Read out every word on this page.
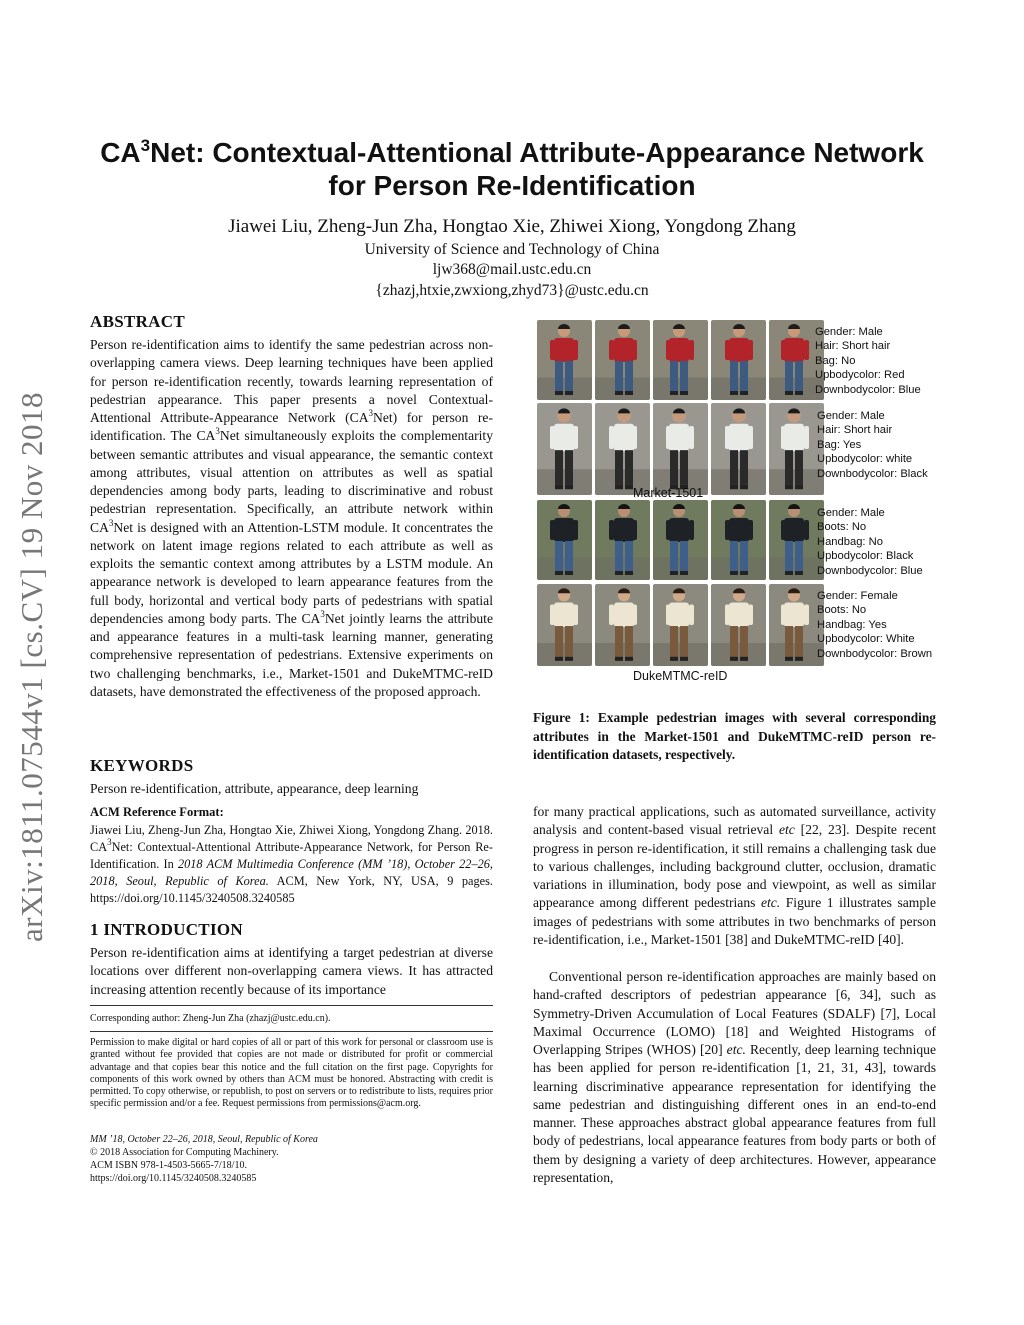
arXiv:1811.07544v1 [cs.CV] 19 Nov 2018
$CA^3Net$: Contextual-Attentional Attribute-Appearance Network
for Person Re-Identification
Jiawei Liu, Zheng-Jun Zha, Hongtao Xie, Zhiwei Xiong, Yongdong Zhang
University of Science and Technology of China
ljw368@mail.ustc.edu.cn
{zhazj,htxie,zwxiong,zhyd73}@ustc.edu.cn
ABSTRACT
Person re-identification aims to identify the same pedestrian across non-overlapping camera views. Deep learning techniques have been applied for person re-identification recently, towards learning representation of pedestrian appearance. This paper presents a novel Contextual-Attentional Attribute-Appearance Network $(CA^3Net)$ for person re-identification. The $CA^3Net$ simultaneously exploits the complementarity between semantic attributes and visual appearance, the semantic context among attributes, visual attention on attributes as well as spatial dependencies among body parts, leading to discriminative and robust pedestrian representation. Specifically, an attribute network within $CA^3Net$ is designed with an Attention-LSTM module. It concentrates the network on latent image regions related to each attribute as well as exploits the semantic context among attributes by a LSTM module. An appearance network is developed to learn appearance features from the full body, horizontal and vertical body parts of pedestrians with spatial dependencies among body parts. The $CA^3Net$ jointly learns the attribute and appearance features in a multi-task learning manner, generating comprehensive representation of pedestrians. Extensive experiments on two challenging benchmarks, i.e., Market-1501 and DukeMTMC-reID datasets, have demonstrated the effectiveness of the proposed approach.
KEYWORDS
Person re-identification, attribute, appearance, deep learning
ACM Reference Format:
Jiawei Liu, Zheng-Jun Zha, Hongtao Xie, Zhiwei Xiong, Yongdong Zhang. 2018. $CA^3Net$: Contextual-Attentional Attribute-Appearance Network, for Person Re-Identification. In 2018 ACM Multimedia Conference (MM ’18), October 22–26, 2018, Seoul, Republic of Korea. ACM, New York, NY, USA, 9 pages. https://doi.org/10.1145/3240508.3240585
1 INTRODUCTION
Person re-identification aims at identifying a target pedestrian at diverse locations over different non-overlapping camera views. It has attracted increasing attention recently because of its importance
Corresponding author: Zheng-Jun Zha (zhazj@ustc.edu.cn).
Permission to make digital or hard copies of all or part of this work for personal or classroom use is granted without fee provided that copies are not made or distributed for profit or commercial advantage and that copies bear this notice and the full citation on the first page. Copyrights for components of this work owned by others than ACM must be honored. Abstracting with credit is permitted. To copy otherwise, or republish, to post on servers or to redistribute to lists, requires prior specific permission and/or a fee. Request permissions from permissions@acm.org.
MM ’18, October 22–26, 2018, Seoul, Republic of Korea
© 2018 Association for Computing Machinery.
ACM ISBN 978-1-4503-5665-7/18/10.
https://doi.org/10.1145/3240508.3240585
Gender: Male
Hair: Short hair
Bag: No
Upbodycolor: Red
Downbodycolor: Blue
Gender: Male
Hair: Short hair
Bag: Yes
Upbodycolor: white
Downbodycolor: Black
Gender: Male
Boots: No
Handbag: No
Upbodycolor: Black
Downbodycolor: Blue
Gender: Female
Boots: No
Handbag: Yes
Upbodycolor: White
Downbodycolor: Brown
Market-1501
DukeMTMC-reID
Figure 1: Example pedestrian images with several corresponding attributes in the Market-1501 and DukeMTMC-reID person re-identification datasets, respectively.
for many practical applications, such as automated surveillance, activity analysis and content-based visual retrieval etc [22, 23]. Despite recent progress in person re-identification, it still remains a challenging task due to various challenges, including background clutter, occlusion, dramatic variations in illumination, body pose and viewpoint, as well as similar appearance among different pedestrians etc. Figure 1 illustrates sample images of pedestrians with some attributes in two benchmarks of person re-identification, i.e., Market-1501 [38] and DukeMTMC-reID [40].
Conventional person re-identification approaches are mainly based on hand-crafted descriptors of pedestrian appearance [6, 34], such as Symmetry-Driven Accumulation of Local Features (SDALF) [7], Local Maximal Occurrence (LOMO) [18] and Weighted Histograms of Overlapping Stripes (WHOS) [20] etc. Recently, deep learning technique has been applied for person re-identification [1, 21, 31, 43], towards learning discriminative appearance representation for identifying the same pedestrian and distinguishing different ones in an end-to-end manner. These approaches abstract global appearance features from full body of pedestrians, local appearance features from body parts or both of them by designing a variety of deep architectures. However, appearance representation,
